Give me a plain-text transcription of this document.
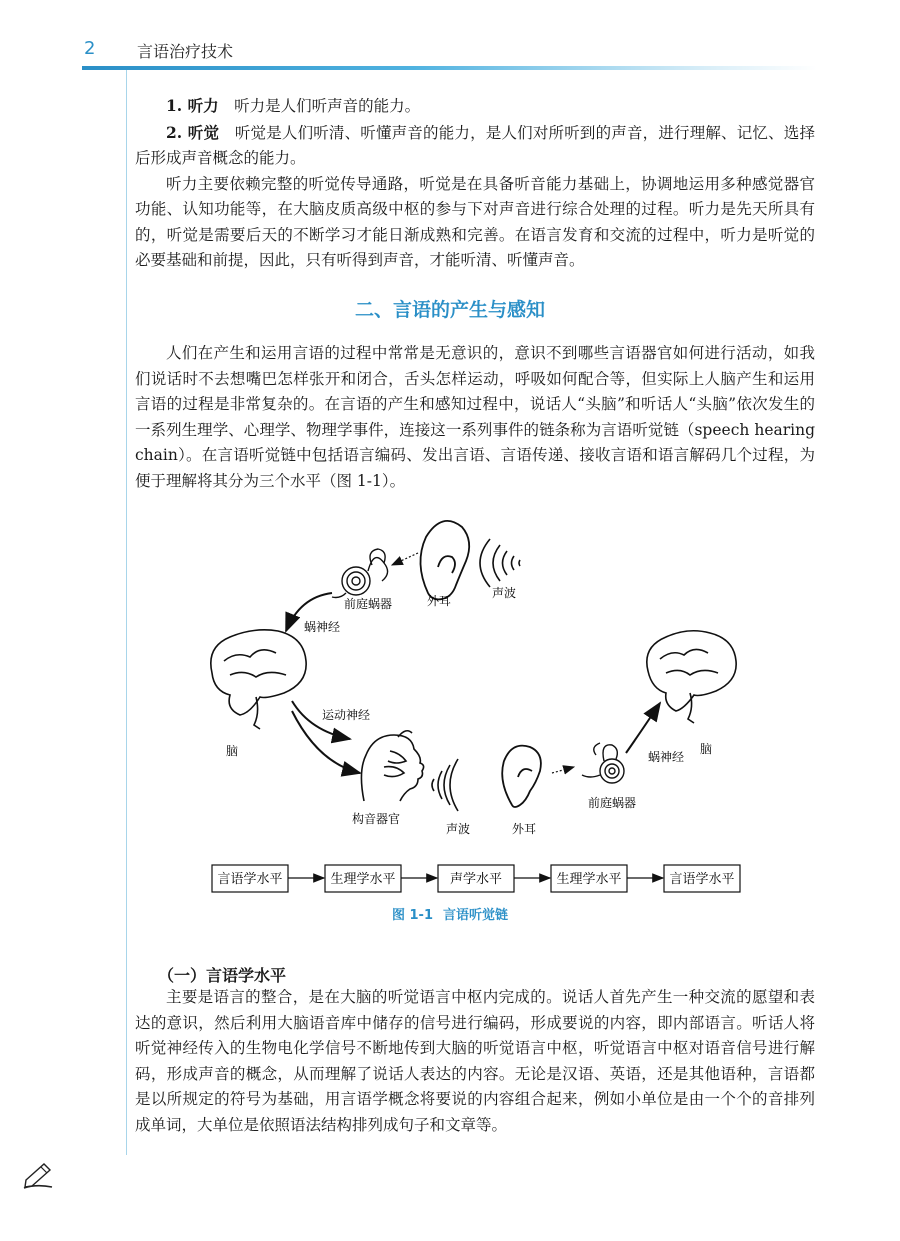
2	言语治疗技术

1. 听力　 听力是人们听声音的能力。

2. 听觉　 听觉是人们听清、听懂声音的能力，是人们对所听到的声音，进行理解、记忆、选择后形成声音概念的能力。

听力主要依赖完整的听觉传导通路，听觉是在具备听音能力基础上，协调地运用多种感觉器官功能、认知功能等，在大脑皮质高级中枢的参与下对声音进行综合处理的过程。听力是先天所具有的，听觉是需要后天的不断学习才能日渐成熟和完善。在语言发育和交流的过程中，听力是听觉的必要基础和前提，因此，只有听得到声音，才能听清、听懂声音。

二、言语的产生与感知

人们在产生和运用言语的过程中常常是无意识的，意识不到哪些言语器官如何进行活动，如我们说话时不去想嘴巴怎样张开和闭合，舌头怎样运动，呼吸如何配合等，但实际上人脑产生和运用言语的过程是非常复杂的。在言语的产生和感知过程中，说话人“头脑”和听话人“头脑”依次发生的一系列生理学、心理学、物理学事件，连接这一系列事件的链条称为言语听觉链（speech hearing chain）。在言语听觉链中包括语言编码、发出言语、言语传递、接收言语和语言解码几个过程，为便于理解将其分为三个水平（图 1-1）。

前庭蜗器	外耳
声波
蜗神经
脑
运动神经
构音器官
声波	外耳
前庭蜗器
蜗神经
脑
言语学水平	生理学水平	声学水平	生理学水平	言语学水平
图 1-1 言语听觉链
（一）言语学水平

主要是语言的整合，是在大脑的听觉语言中枢内完成的。说话人首先产生一种交流的愿望和表达的意识，然后利用大脑语音库中储存的信号进行编码，形成要说的内容，即内部语言。听话人将听觉神经传入的生物电化学信号不断地传到大脑的听觉语言中枢，听觉语言中枢对语音信号进行解码，形成声音的概念，从而理解了说话人表达的内容。无论是汉语、英语，还是其他语种，言语都是以所规定的符号为基础，用言语学概念将要说的内容组合起来，例如小单位是由一个个的音排列成单词，大单位是依照语法结构排列成句子和文章等。
